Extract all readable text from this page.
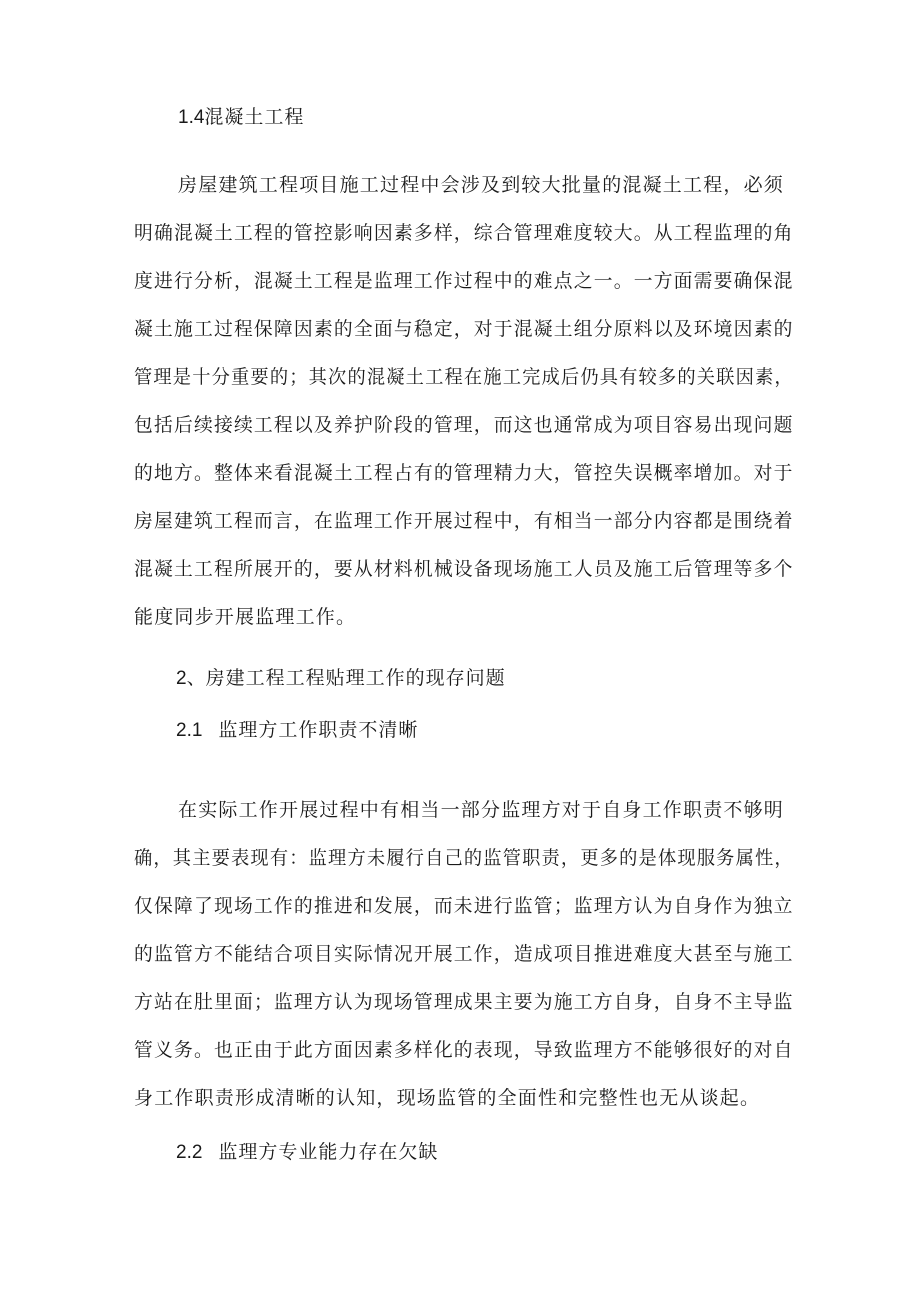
1.4混凝土工程
房屋建筑工程项目施工过程中会涉及到较大批量的混凝土工程，必须
明确混凝土工程的管控影响因素多样，综合管理难度较大。从工程监理的角
度进行分析，混凝土工程是监理工作过程中的难点之一。一方面需要确保混
凝土施工过程保障因素的全面与稳定，对于混凝土组分原料以及环境因素的
管理是十分重要的；其次的混凝土工程在施工完成后仍具有较多的关联因素，
包括后续接续工程以及养护阶段的管理，而这也通常成为项目容易出现问题
的地方。整体来看混凝土工程占有的管理精力大，管控失误概率增加。对于
房屋建筑工程而言，在监理工作开展过程中，有相当一部分内容都是围绕着
混凝土工程所展开的，要从材料机械设备现场施工人员及施工后管理等多个
能度同步开展监理工作。
2、房建工程工程贴理工作的现存问题
2.1 监理方工作职责不清晰
在实际工作开展过程中有相当一部分监理方对于自身工作职责不够明
确，其主要表现有：监理方未履行自己的监管职责，更多的是体现服务属性，
仅保障了现场工作的推进和发展，而未进行监管；监理方认为自身作为独立
的监管方不能结合项目实际情况开展工作，造成项目推进难度大甚至与施工
方站在肚里面；监理方认为现场管理成果主要为施工方自身，自身不主导监
管义务。也正由于此方面因素多样化的表现，导致监理方不能够很好的对自
身工作职责形成清晰的认知，现场监管的全面性和完整性也无从谈起。
2.2 监理方专业能力存在欠缺
